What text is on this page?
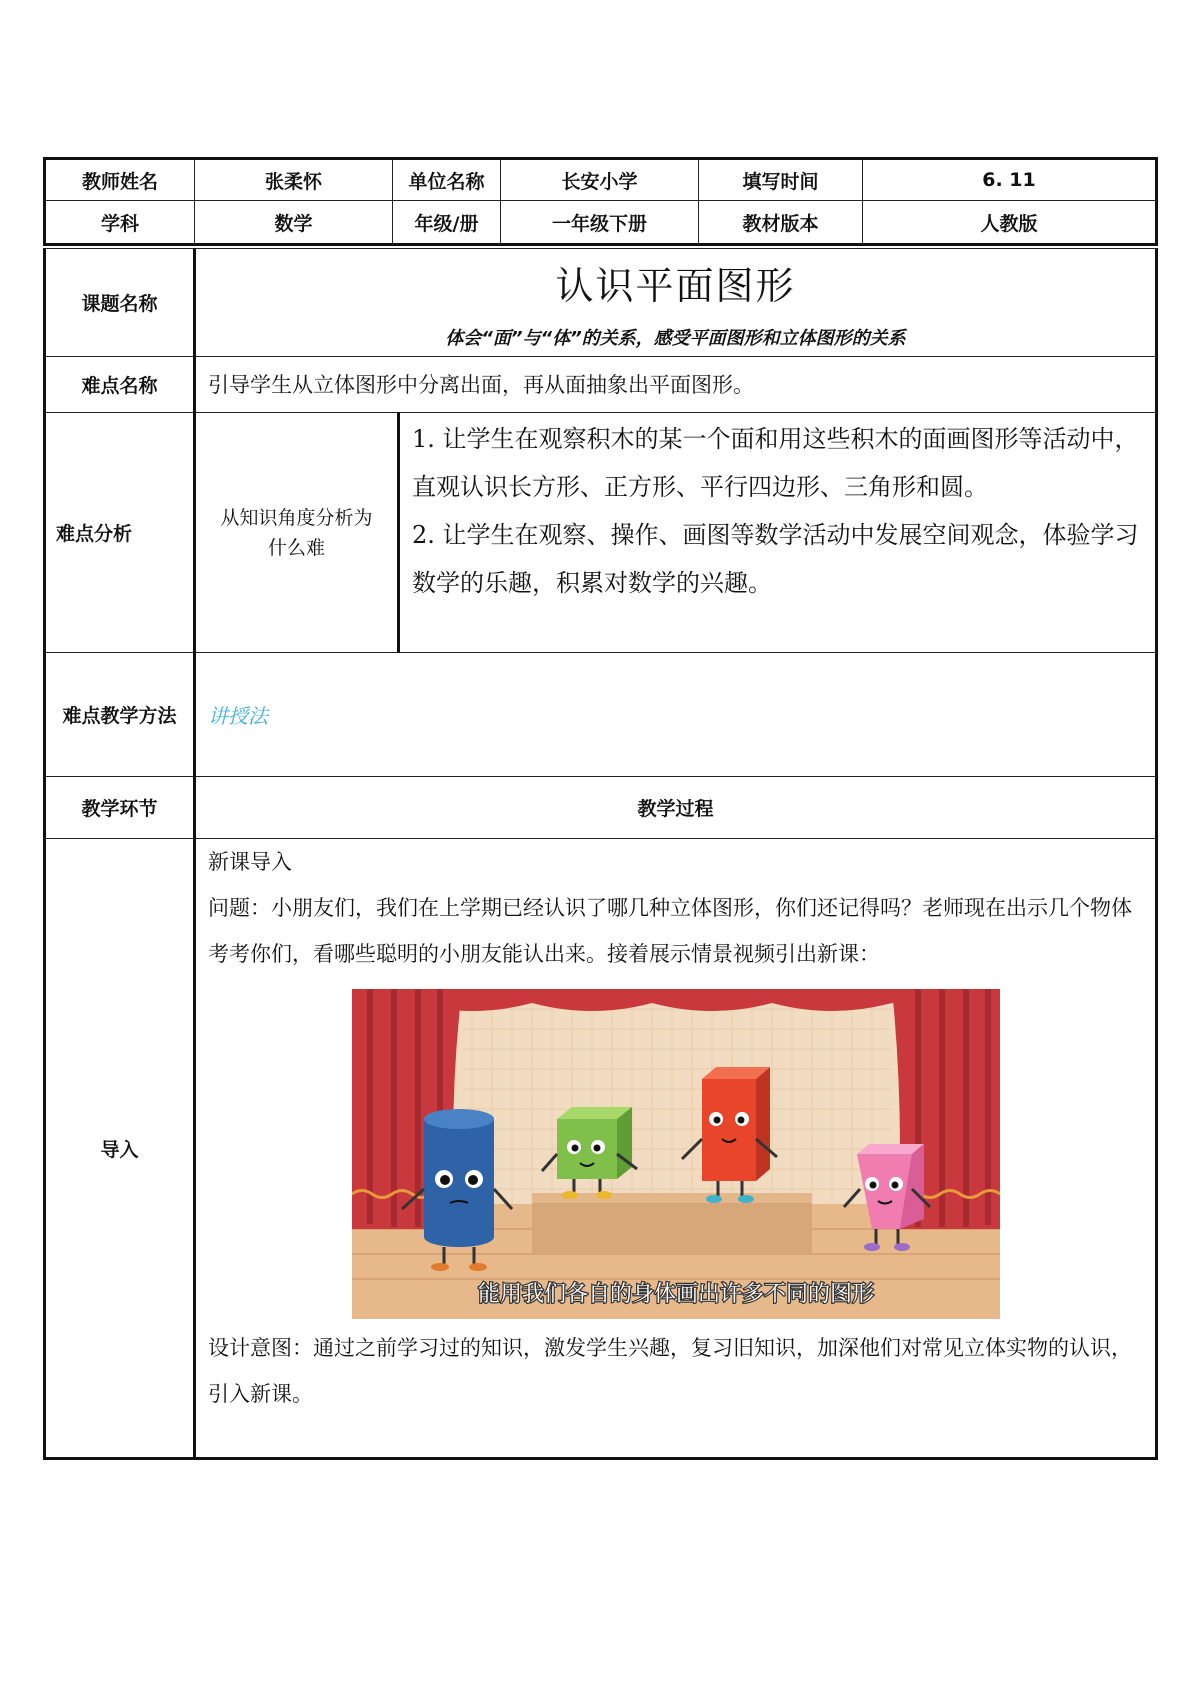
教师姓名	张柔怀	单位名称	长安小学	填写时间	6. 11
学科	数学	年级/册	一年级下册	教材版本	人教版
课题名称	认识平面图形
体会“面”与“体”的关系，感受平面图形和立体图形的关系	

难点名称	引导学生从立体图形中分离出面，再从面抽象出平面图形。	
难点分析	从知识角度分析为什么难	1. 让学生在观察积木的某一个面和用这些积木的面画图形等活动中，直观认识长方形、正方形、平行四边形、三角形和圆。
2. 让学生在观察、操作、画图等数学活动中发展空间观念，体验学习数学的乐趣，积累对数学的兴趣。

难点教学方法	讲授法	
教学环节	教学过程	
导入	新课导入
问题：小朋友们，我们在上学期已经认识了哪几种立体图形，你们还记得吗？老师现在出示几个物体考考你们，看哪些聪明的小朋友能认出来。接着展示情景视频引出新课：
能用我们各自的身体画出许多不同的图形
设计意图：通过之前学习过的知识，激发学生兴趣，复习旧知识，加深他们对常见立体实物的认识，引入新课。	
